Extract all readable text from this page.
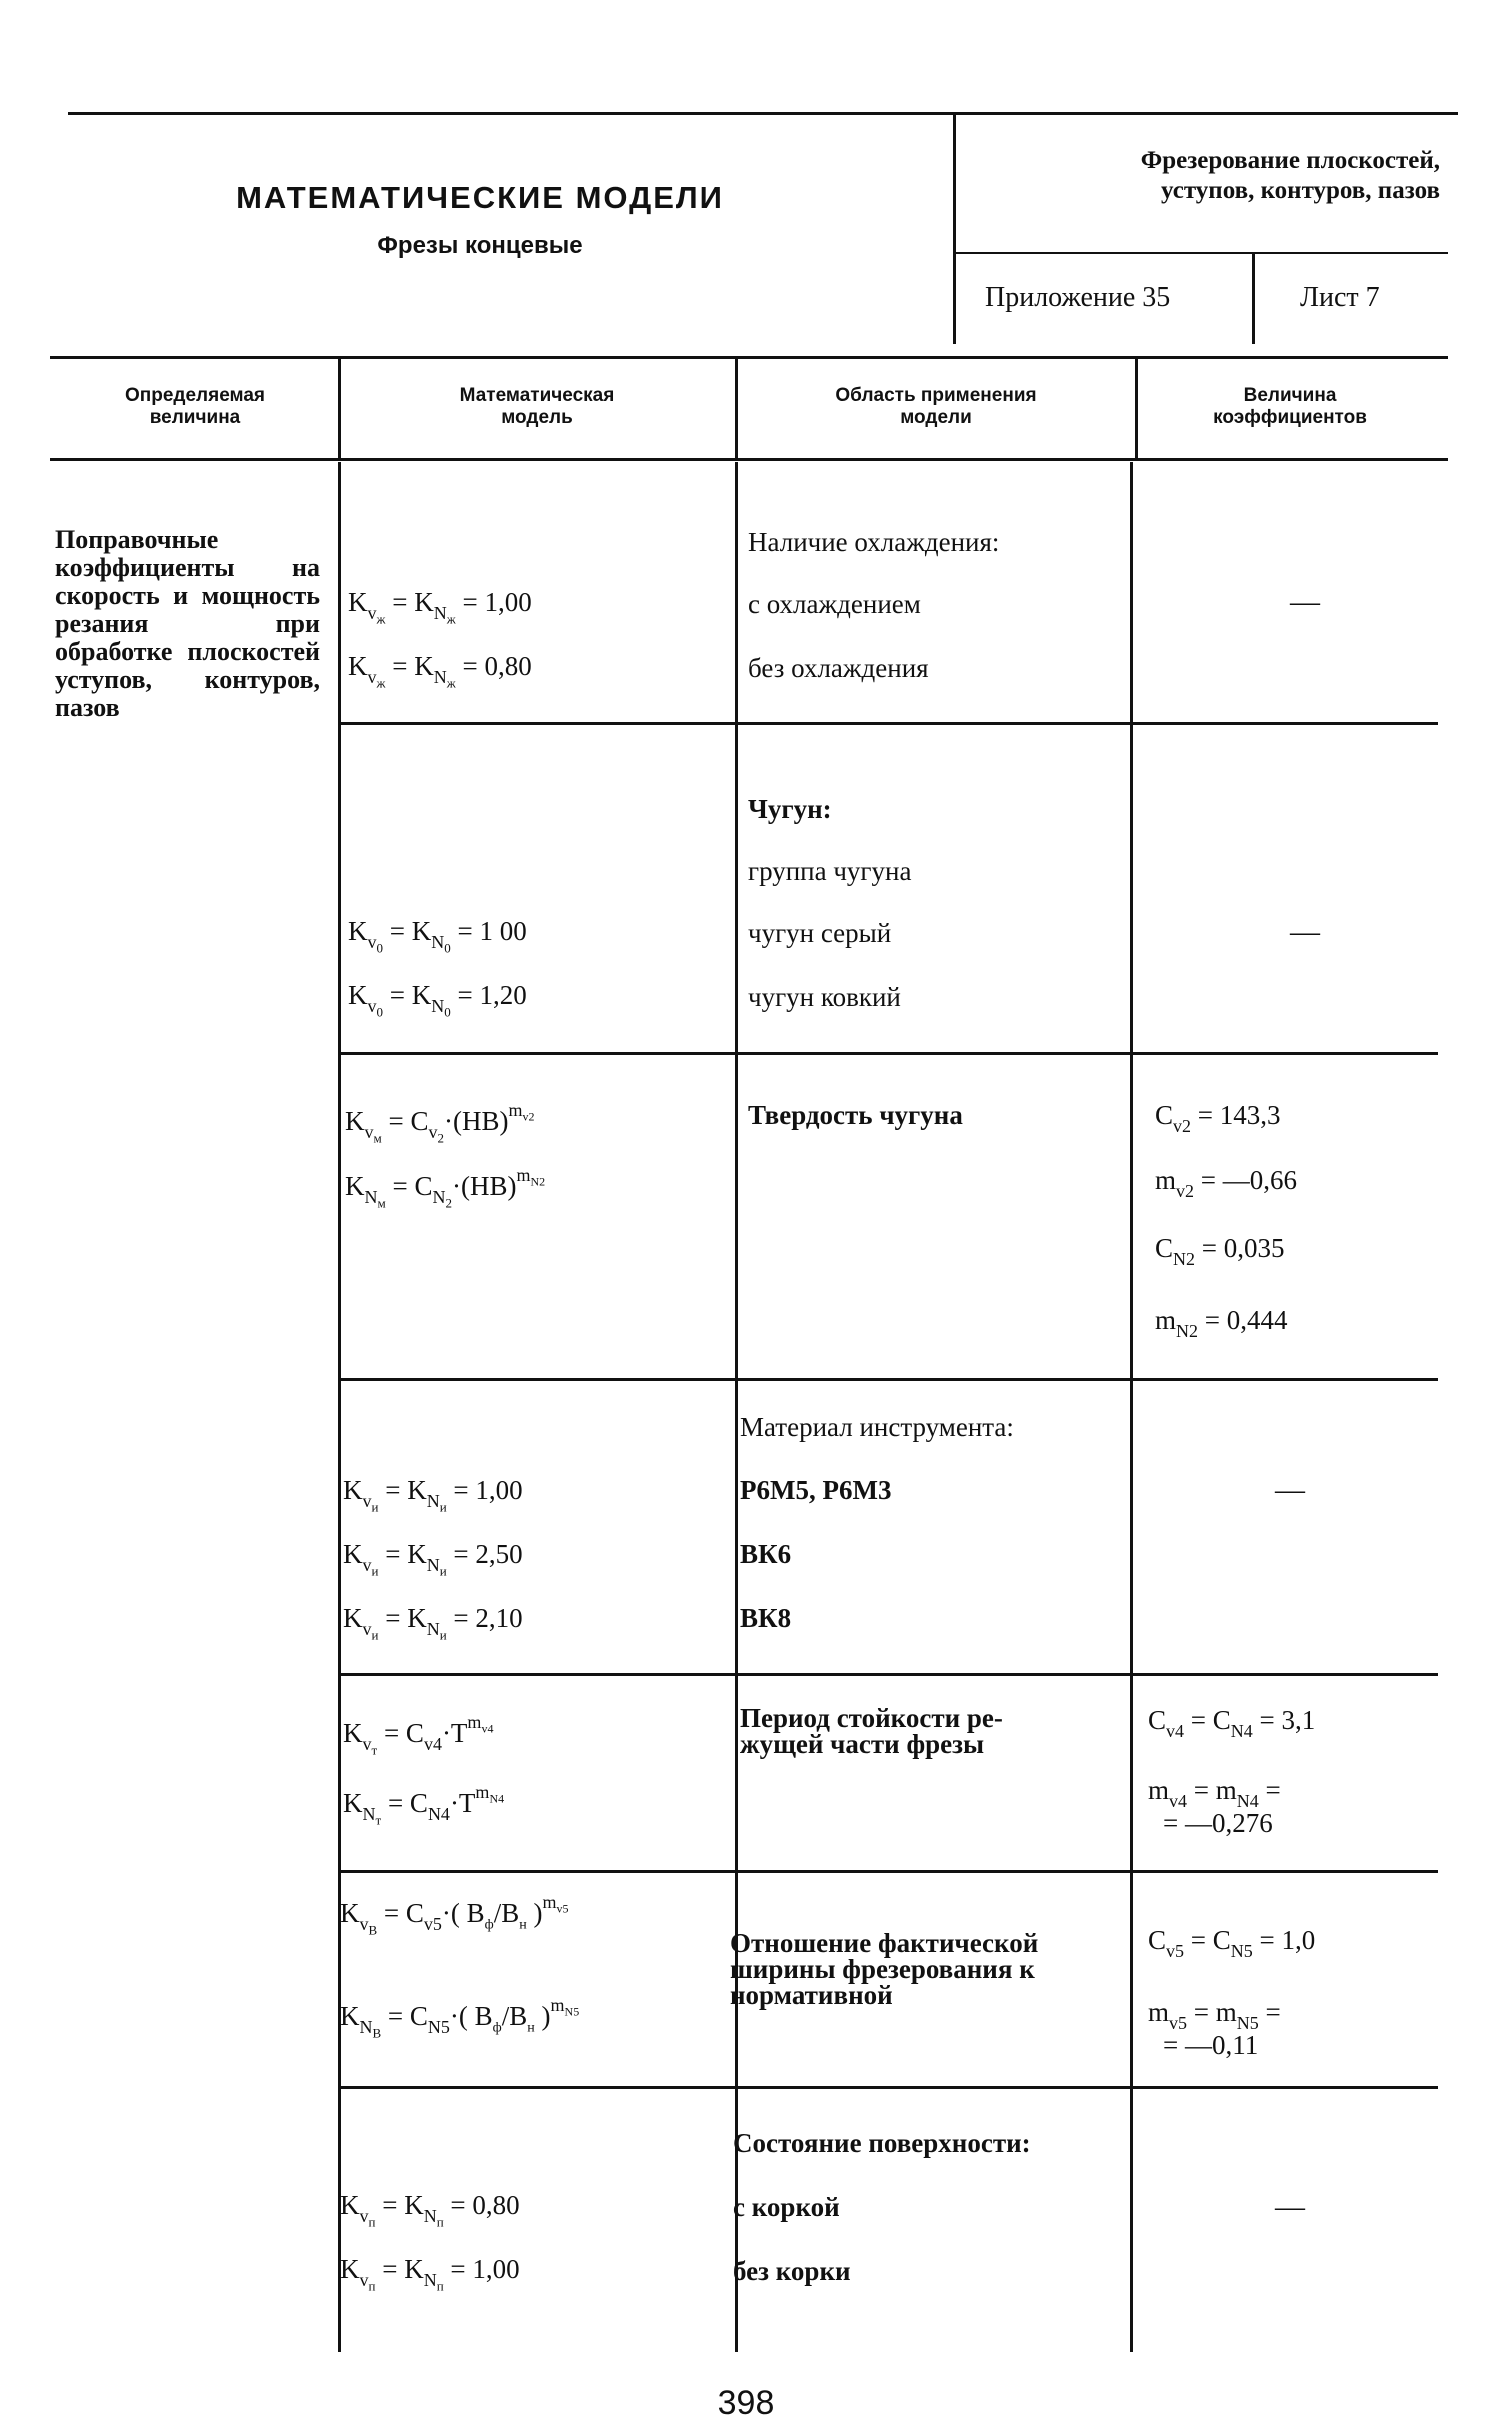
МАТЕМАТИЧЕСКИЕ МОДЕЛИ
Фрезы концевые
Фрезерование плоскостей,
уступов, контуров, пазов
Приложение 35	Лист 7
Определяемая
величина
Математическая
модель
Область применения
модели
Величина
коэффициентов
Поправочные коэффициенты на скорость и мощность резания при обработке плоскостей уступов, контуров, пазов
$K_{v_ж} = K_{N_ж} = 1,00$
$K_{v_ж} = K_{N_ж} = 0,80$
Наличие охлаждения:
с охлаждением
без охлаждения
—
Чугун:
группа чугуна
чугун серый
чугун ковкий
$K_{v_0} = K_{N_0} = 1$ 00
$K_{v_0} = K_{N_0} = 1,20$
—
$K_{v_м} = C_{v_2}\cdot(HB)^{m_{v2}}$
$K_{N_м} = C_{N_2}\cdot(HB)^{m_{N2}}$
Твердость чугуна	$C_{v2} = 143,3$
$m_{v2}$ = —0,66
$C_{N2} = 0,035$
$m_{N2} = 0,444$
Материал инструмента:
Р6М5, Р6М3
ВК6
ВК8
$K_{v_и} = K_{N_и} = 1,00$
$K_{v_и} = K_{N_и} = 2,50$
$K_{v_и} = K_{N_и} = 2,10$
—
$K_{v_т} = C_{v4}\cdot T^{m_{v4}}$
$K_{N_т} = C_{N4}\cdot T^{m_{N4}}$
Период стойкости ре-
жущей части фрезы
$C_{v4} = C_{N4} = 3,1$
$m_{v4} = m_{N4}$ =
= —0,276
$K_{v_B} = C_{v5}\cdot$( $B_ф/B_н$ )$^{m_{v5}}$
$K_{N_B} = C_{N5}\cdot$( $B_ф/B_н$ )$^{m_{N5}}$
Отношение фактической
ширины фрезерования к
нормативной
$C_{v5} = C_{N5} = 1,0$
$m_{v5} = m_{N5}$ =
= —0,11
Состояние поверхности:
с коркой
без корки
$K_{v_п} = K_{N_п} = 0,80$
$K_{v_п} = K_{N_п} = 1,00$
—
398
